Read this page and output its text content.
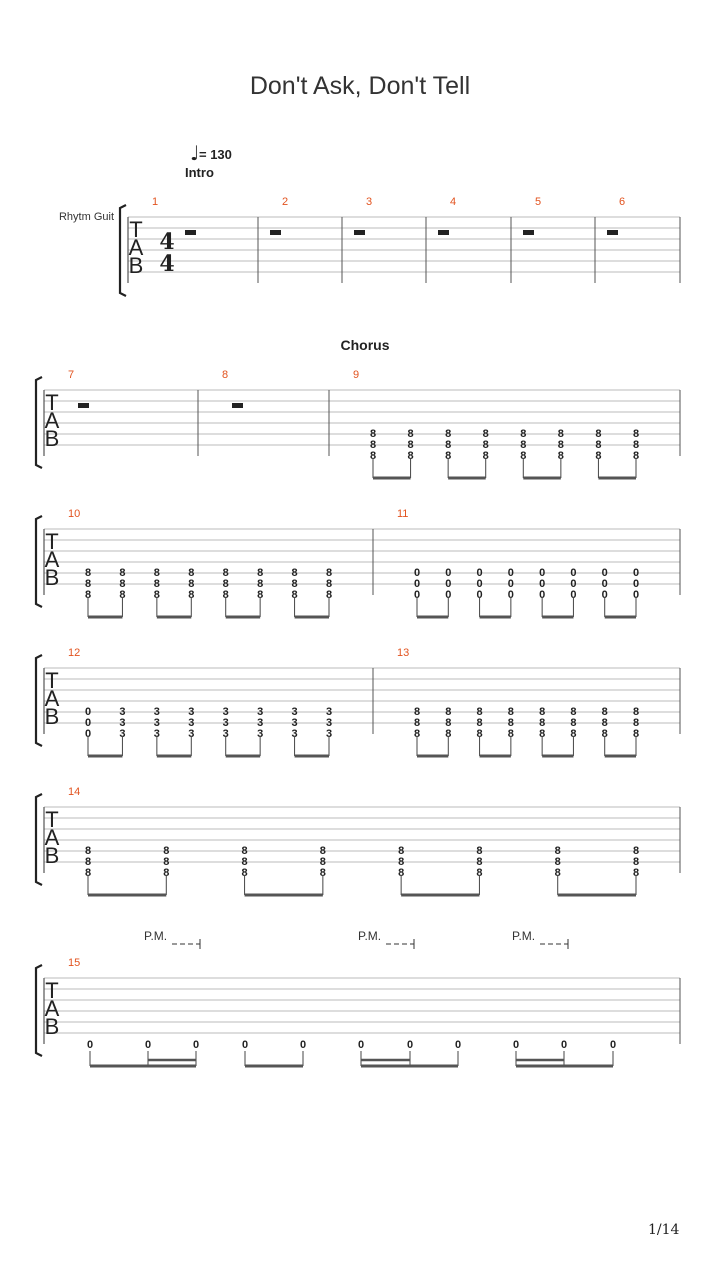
Don't Ask, Don't Tell
T
A
B
Intro
♩ = 130
Rhytm Guit
4
4
1	2	3	4	5	6
T
A
B
Chorus
7	8	9
8
8
8
8
8
8
8
8
8
8
8
8
8
8
8
8
8
8
8
8
8
8
8
8
T
A
B
10
8
8
8
8
8
8
8
8
8
8
8
8
8
8
8
8
8
8
8
8
8
8
8
8
11
0
0
0
0
0
0
0
0
0
0
0
0
0
0
0
0
0
0
0
0
0
0
0
0
T
A
B
12
0
0
0
3
3
3
3
3
3
3
3
3
3
3
3
3
3
3
3
3
3
3
3
3
13
8
8
8
8
8
8
8
8
8
8
8
8
8
8
8
8
8
8
8
8
8
8
8
8
T
A
B
14
8
8
8
8
8
8
8
8
8
8
8
8
8
8
8
8
8
8
8
8
8
8
8
8
T
A
B
15
0	0	0	0	0	0	0	0	0	0	0
P.M.	P.M.	P.M.
1/14
